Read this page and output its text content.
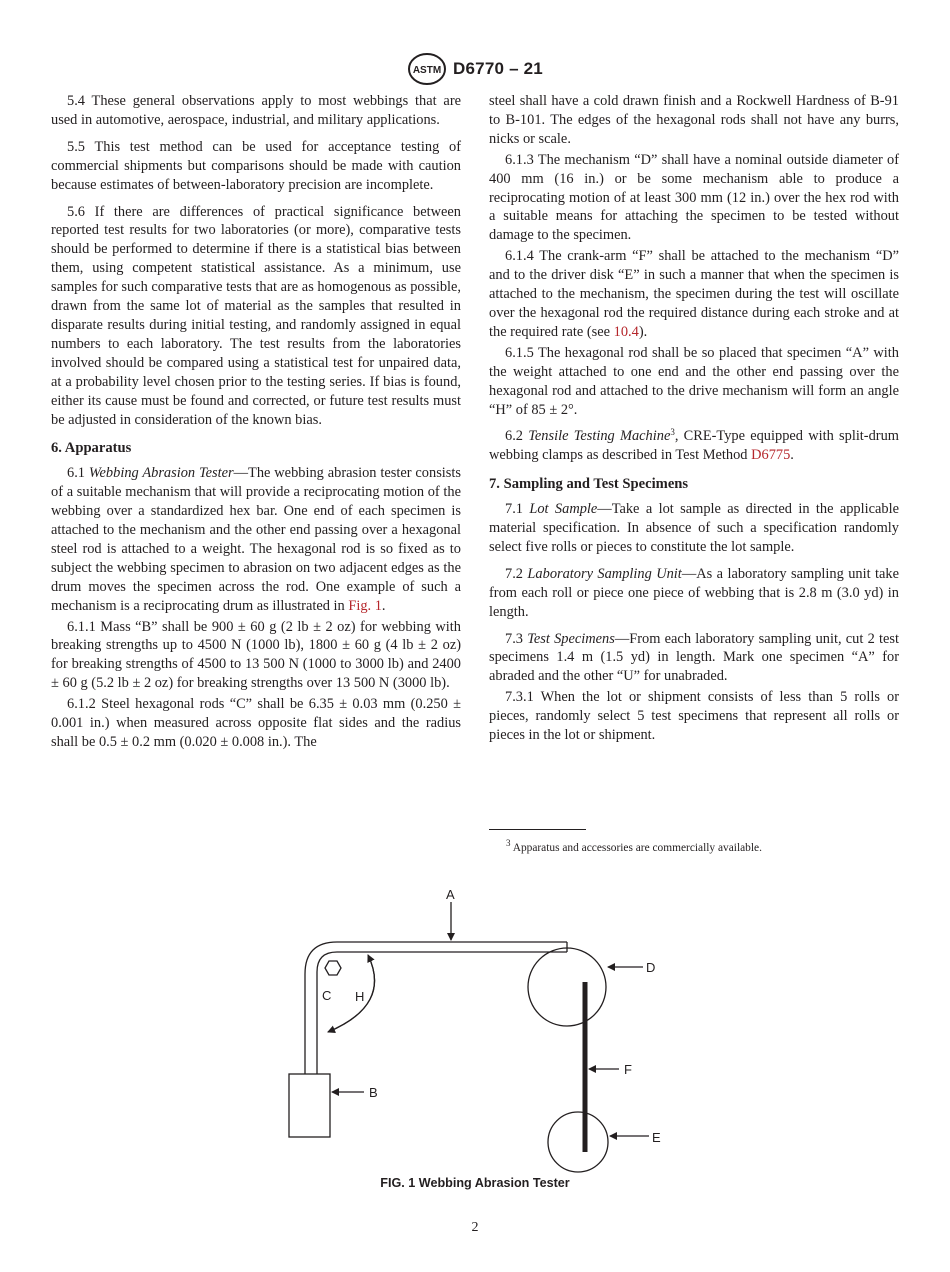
ASTM D6770 – 21

5.4 These general observations apply to most webbings that are used in automotive, aerospace, industrial, and military applications.

5.5 This test method can be used for acceptance testing of commercial shipments but comparisons should be made with caution because estimates of between-laboratory precision are incomplete.

5.6 If there are differences of practical significance between reported test results for two laboratories (or more), comparative tests should be performed to determine if there is a statistical bias between them, using competent statistical assistance. As a minimum, use samples for such comparative tests that are as homogenous as possible, drawn from the same lot of material as the samples that resulted in disparate results during initial testing, and randomly assigned in equal numbers to each laboratory. The test results from the laboratories involved should be compared using a statistical test for unpaired data, at a probability level chosen prior to the testing series. If bias is found, either its cause must be found and corrected, or future test results must be adjusted in consideration of the known bias.

6. Apparatus

6.1 Webbing Abrasion Tester—The webbing abrasion tester consists of a suitable mechanism that will provide a reciprocating motion of the webbing over a standardized hex bar. One end of each specimen is attached to the mechanism and the other end passing over a hexagonal steel rod is attached to a weight. The hexagonal rod is so fixed as to subject the webbing specimen to abrasion on two adjacent edges as the drum moves the specimen across the rod. One example of such a mechanism is a reciprocating drum as illustrated in Fig. 1.

6.1.1 Mass “B” shall be 900 ± 60 g (2 lb ± 2 oz) for webbing with breaking strengths up to 4500 N (1000 lb), 1800 ± 60 g (4 lb ± 2 oz) for breaking strengths of 4500 to 13 500 N (1000 to 3000 lb) and 2400 ± 60 g (5.2 lb ± 2 oz) for breaking strengths over 13 500 N (3000 lb).

6.1.2 Steel hexagonal rods “C” shall be 6.35 ± 0.03 mm (0.250 ± 0.001 in.) when measured across opposite flat sides and the radius shall be 0.5 ± 0.2 mm (0.020 ± 0.008 in.). The

steel shall have a cold drawn finish and a Rockwell Hardness of B-91 to B-101. The edges of the hexagonal rods shall not have any burrs, nicks or scale.

6.1.3 The mechanism “D” shall have a nominal outside diameter of 400 mm (16 in.) or be some mechanism able to produce a reciprocating motion of at least 300 mm (12 in.) over the hex rod with a suitable means for attaching the specimen to be tested without damage to the specimen.

6.1.4 The crank-arm “F” shall be attached to the mechanism “D” and to the driver disk “E” in such a manner that when the specimen is attached to the mechanism, the specimen during the test will oscillate over the hexagonal rod the required distance during each stroke and at the required rate (see 10.4).

6.1.5 The hexagonal rod shall be so placed that specimen “A” with the weight attached to one end and the other end passing over the hexagonal rod and attached to the drive mechanism will form an angle “H” of 85 ± 2°.

6.2 Tensile Testing Machine$^3$, CRE-Type equipped with split-drum webbing clamps as described in Test Method D6775.

7. Sampling and Test Specimens

7.1 Lot Sample—Take a lot sample as directed in the applicable material specification. In absence of such a specification randomly select five rolls or pieces to constitute the lot sample.

7.2 Laboratory Sampling Unit—As a laboratory sampling unit take from each roll or piece one piece of webbing that is 2.8 m (3.0 yd) in length.

7.3 Test Specimens—From each laboratory sampling unit, cut 2 test specimens 1.4 m (1.5 yd) in length. Mark one specimen “A” for abraded and the other “U” for unabraded.

7.3.1 When the lot or shipment consists of less than 5 rolls or pieces, randomly select 5 test specimens that represent all rolls or pieces in the lot or shipment.

$^3$ Apparatus and accessories are commercially available.
A
B
C
D
E
F
H
FIG. 1 Webbing Abrasion Tester
2
